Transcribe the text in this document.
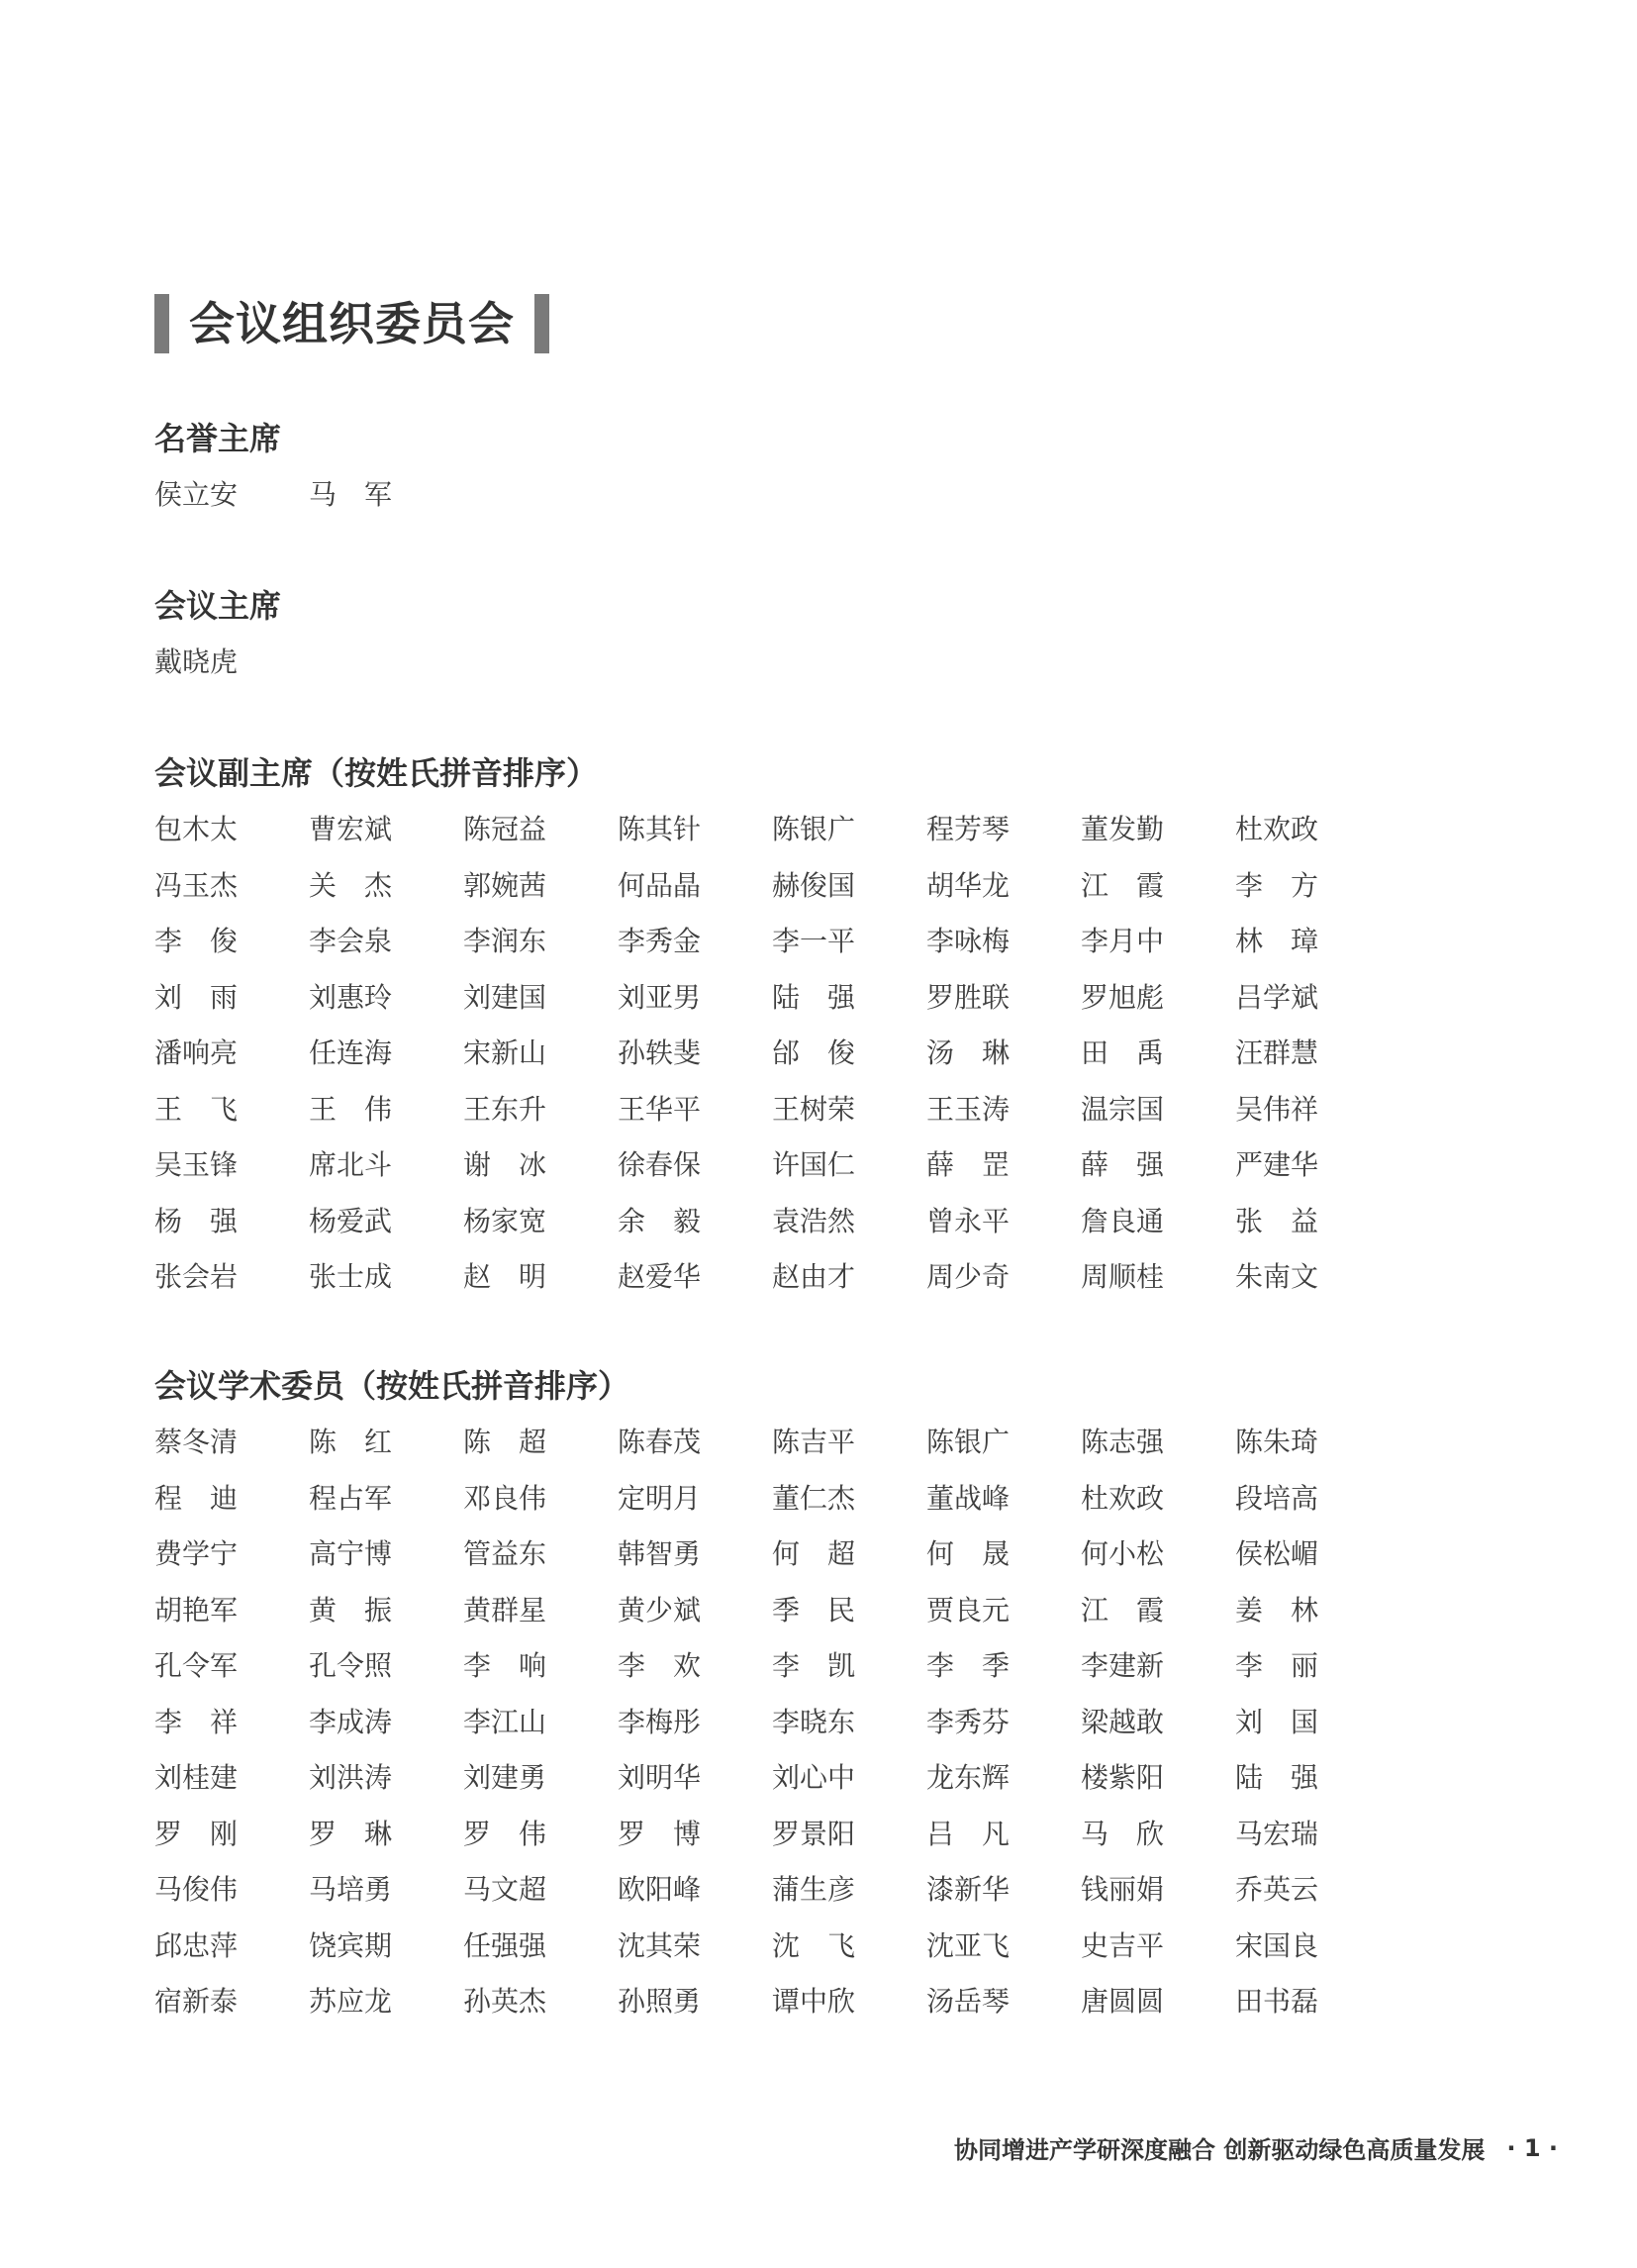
会议组织委员会
名誉主席
侯立安	马　军
会议主席
戴晓虎
会议副主席（按姓氏拼音排序）
包木太	曹宏斌	陈冠益	陈其针	陈银广	程芳琴	董发勤	杜欢政
冯玉杰	关　杰	郭婉茜	何品晶	赫俊国	胡华龙	江　霞	李　方
李　俊	李会泉	李润东	李秀金	李一平	李咏梅	李月中	林　璋
刘　雨	刘惠玲	刘建国	刘亚男	陆　强	罗胜联	罗旭彪	吕学斌
潘响亮	任连海	宋新山	孙轶斐	邰　俊	汤　琳	田　禹	汪群慧
王　飞	王　伟	王东升	王华平	王树荣	王玉涛	温宗国	吴伟祥
吴玉锋	席北斗	谢　冰	徐春保	许国仁	薛　罡	薛　强	严建华
杨　强	杨爱武	杨家宽	余　毅	袁浩然	曾永平	詹良通	张　益
张会岩	张士成	赵　明	赵爱华	赵由才	周少奇	周顺桂	朱南文
会议学术委员（按姓氏拼音排序）
蔡冬清	陈　红	陈　超	陈春茂	陈吉平	陈银广	陈志强	陈朱琦
程　迪	程占军	邓良伟	定明月	董仁杰	董战峰	杜欢政	段培高
费学宁	高宁博	管益东	韩智勇	何　超	何　晟	何小松	侯松嵋
胡艳军	黄　振	黄群星	黄少斌	季　民	贾良元	江　霞	姜　林
孔令军	孔令照	李　响	李　欢	李　凯	李　季	李建新	李　丽
李　祥	李成涛	李江山	李梅彤	李晓东	李秀芬	梁越敢	刘　国
刘桂建	刘洪涛	刘建勇	刘明华	刘心中	龙东辉	楼紫阳	陆　强
罗　刚	罗　琳	罗　伟	罗　博	罗景阳	吕　凡	马　欣	马宏瑞
马俊伟	马培勇	马文超	欧阳峰	蒲生彦	漆新华	钱丽娟	乔英云
邱忠萍	饶宾期	任强强	沈其荣	沈　飞	沈亚飞	史吉平	宋国良
宿新泰	苏应龙	孙英杰	孙照勇	谭中欣	汤岳琴	唐圆圆	田书磊
协同增进产学研深度融合 创新驱动绿色高质量发展 · 1 ·
